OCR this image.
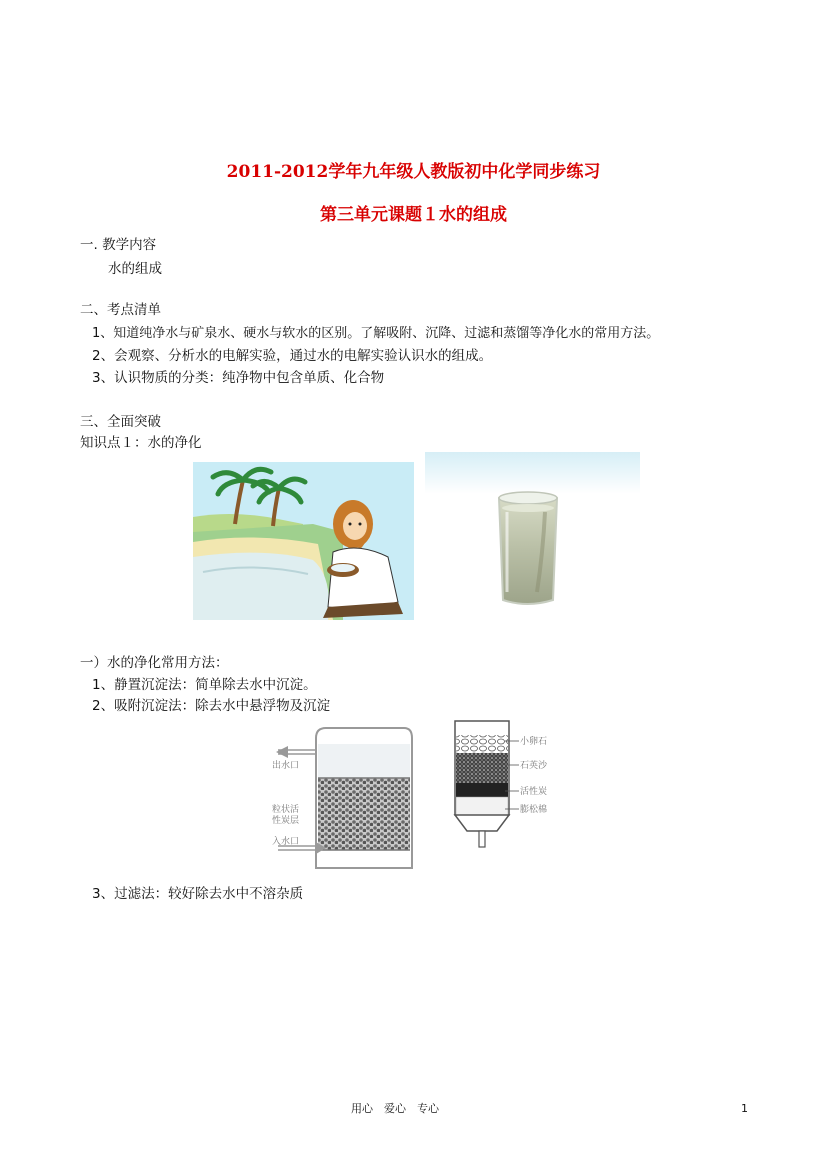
2011-2012学年九年级人教版初中化学同步练习
第三单元课题１水的组成
一. 教学内容
水的组成
二、考点清单
1、知道纯净水与矿泉水、硬水与软水的区别。了解吸附、沉降、过滤和蒸馏等净化水的常用方法。
2、会观察、分析水的电解实验，通过水的电解实验认识水的组成。
3、认识物质的分类：纯净物中包含单质、化合物
三、全面突破
知识点１：水的净化
一）水的净化常用方法：
1、静置沉淀法：简单除去水中沉淀。
2、吸附沉淀法：除去水中悬浮物及沉淀
出水口
粒状活
性炭层
入水口
小卵石
石英沙
活性炭
膨松棉
3、过滤法：较好除去水中不溶杂质
用心　爱心　专心	1
